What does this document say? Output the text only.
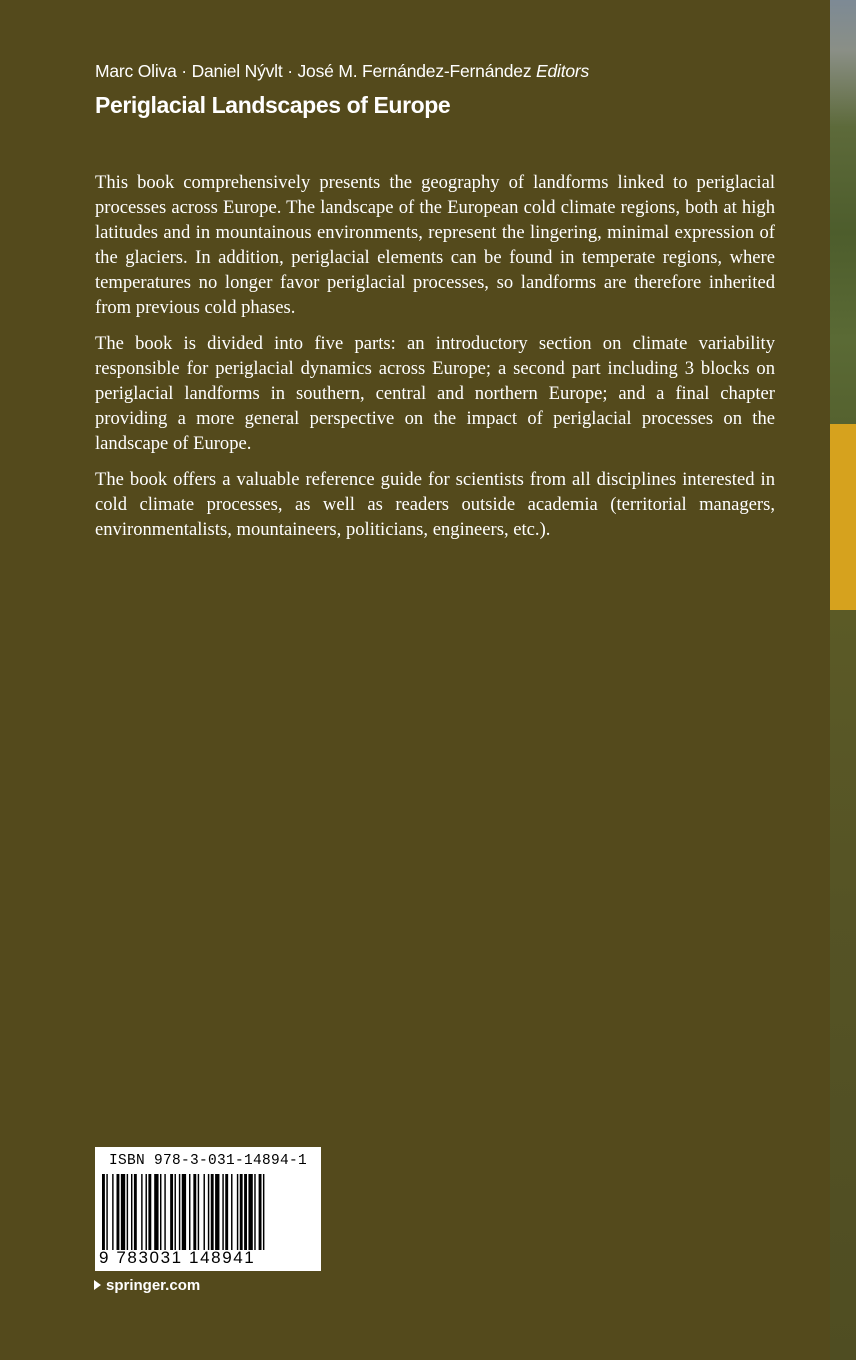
Marc Oliva · Daniel Nývlt · José M. Fernández-Fernández Editors
Periglacial Landscapes of Europe

This book comprehensively presents the geography of landforms linked to periglacial processes across Europe. The landscape of the European cold climate regions, both at high latitudes and in mountainous environments, represent the lingering, minimal expression of the glaciers. In addition, periglacial elements can be found in temperate regions, where temperatures no longer favor periglacial processes, so landforms are therefore inherited from previous cold phases.

The book is divided into five parts: an introductory section on climate variability responsible for periglacial dynamics across Europe; a second part including 3 blocks on periglacial landforms in southern, central and northern Europe; and a final chapter providing a more general perspective on the impact of periglacial processes on the landscape of Europe.

The book offers a valuable reference guide for scientists from all disciplines interested in cold climate processes, as well as readers outside academia (territorial managers, environmentalists, mountaineers, politicians, engineers, etc.).

ISBN 978-3-031-14894-1
9 783031 148941
springer.com
